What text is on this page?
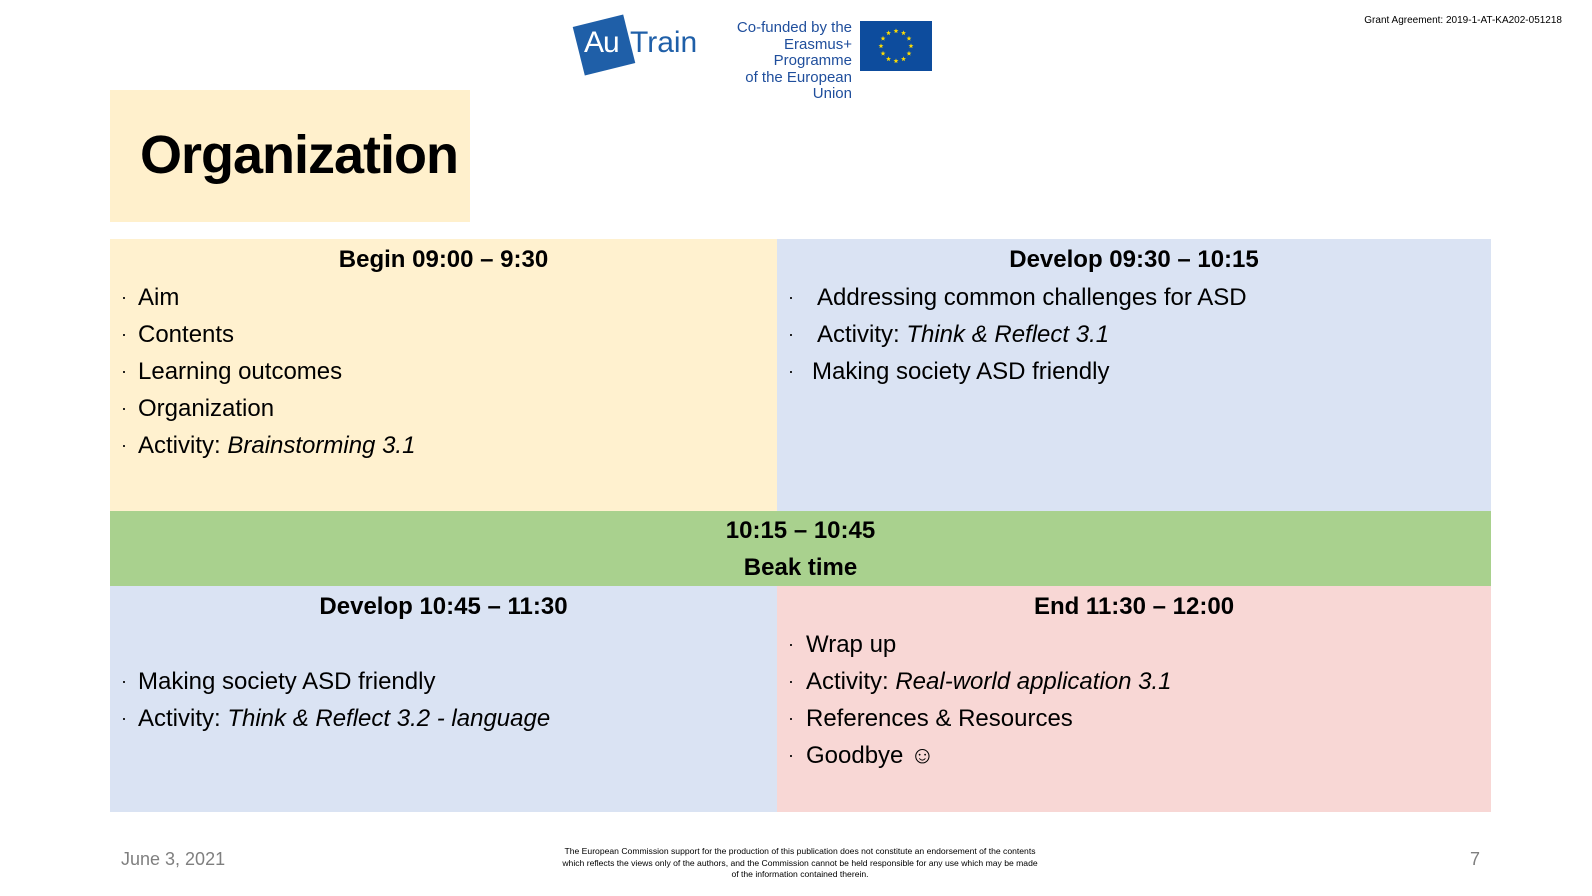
Grant Agreement: 2019-1-AT-KA202-051218
Au Train	Co-funded by the
Erasmus+ Programme
of the European Union
Organization
Begin 09:00 – 9:30
· Aim
· Contents
· Learning outcomes
· Organization
· Activity: Brainstorming 3.1
Develop 09:30 – 10:15
· Addressing common challenges for ASD
· Activity: Think & Reflect 3.1
· Making society ASD friendly
10:15 – 10:45
Beak time
Develop 10:45 – 11:30
· Making society ASD friendly
· Activity: Think & Reflect 3.2 - language
End 11:30 – 12:00
· Wrap up
· Activity: Real-world application 3.1
· References & Resources
· Goodbye ☺
June 3, 2021	The European Commission support for the production of this publication does not constitute an endorsement of the contents
which reflects the views only of the authors, and the Commission cannot be held responsible for any use which may be made
of the information contained therein.
7
